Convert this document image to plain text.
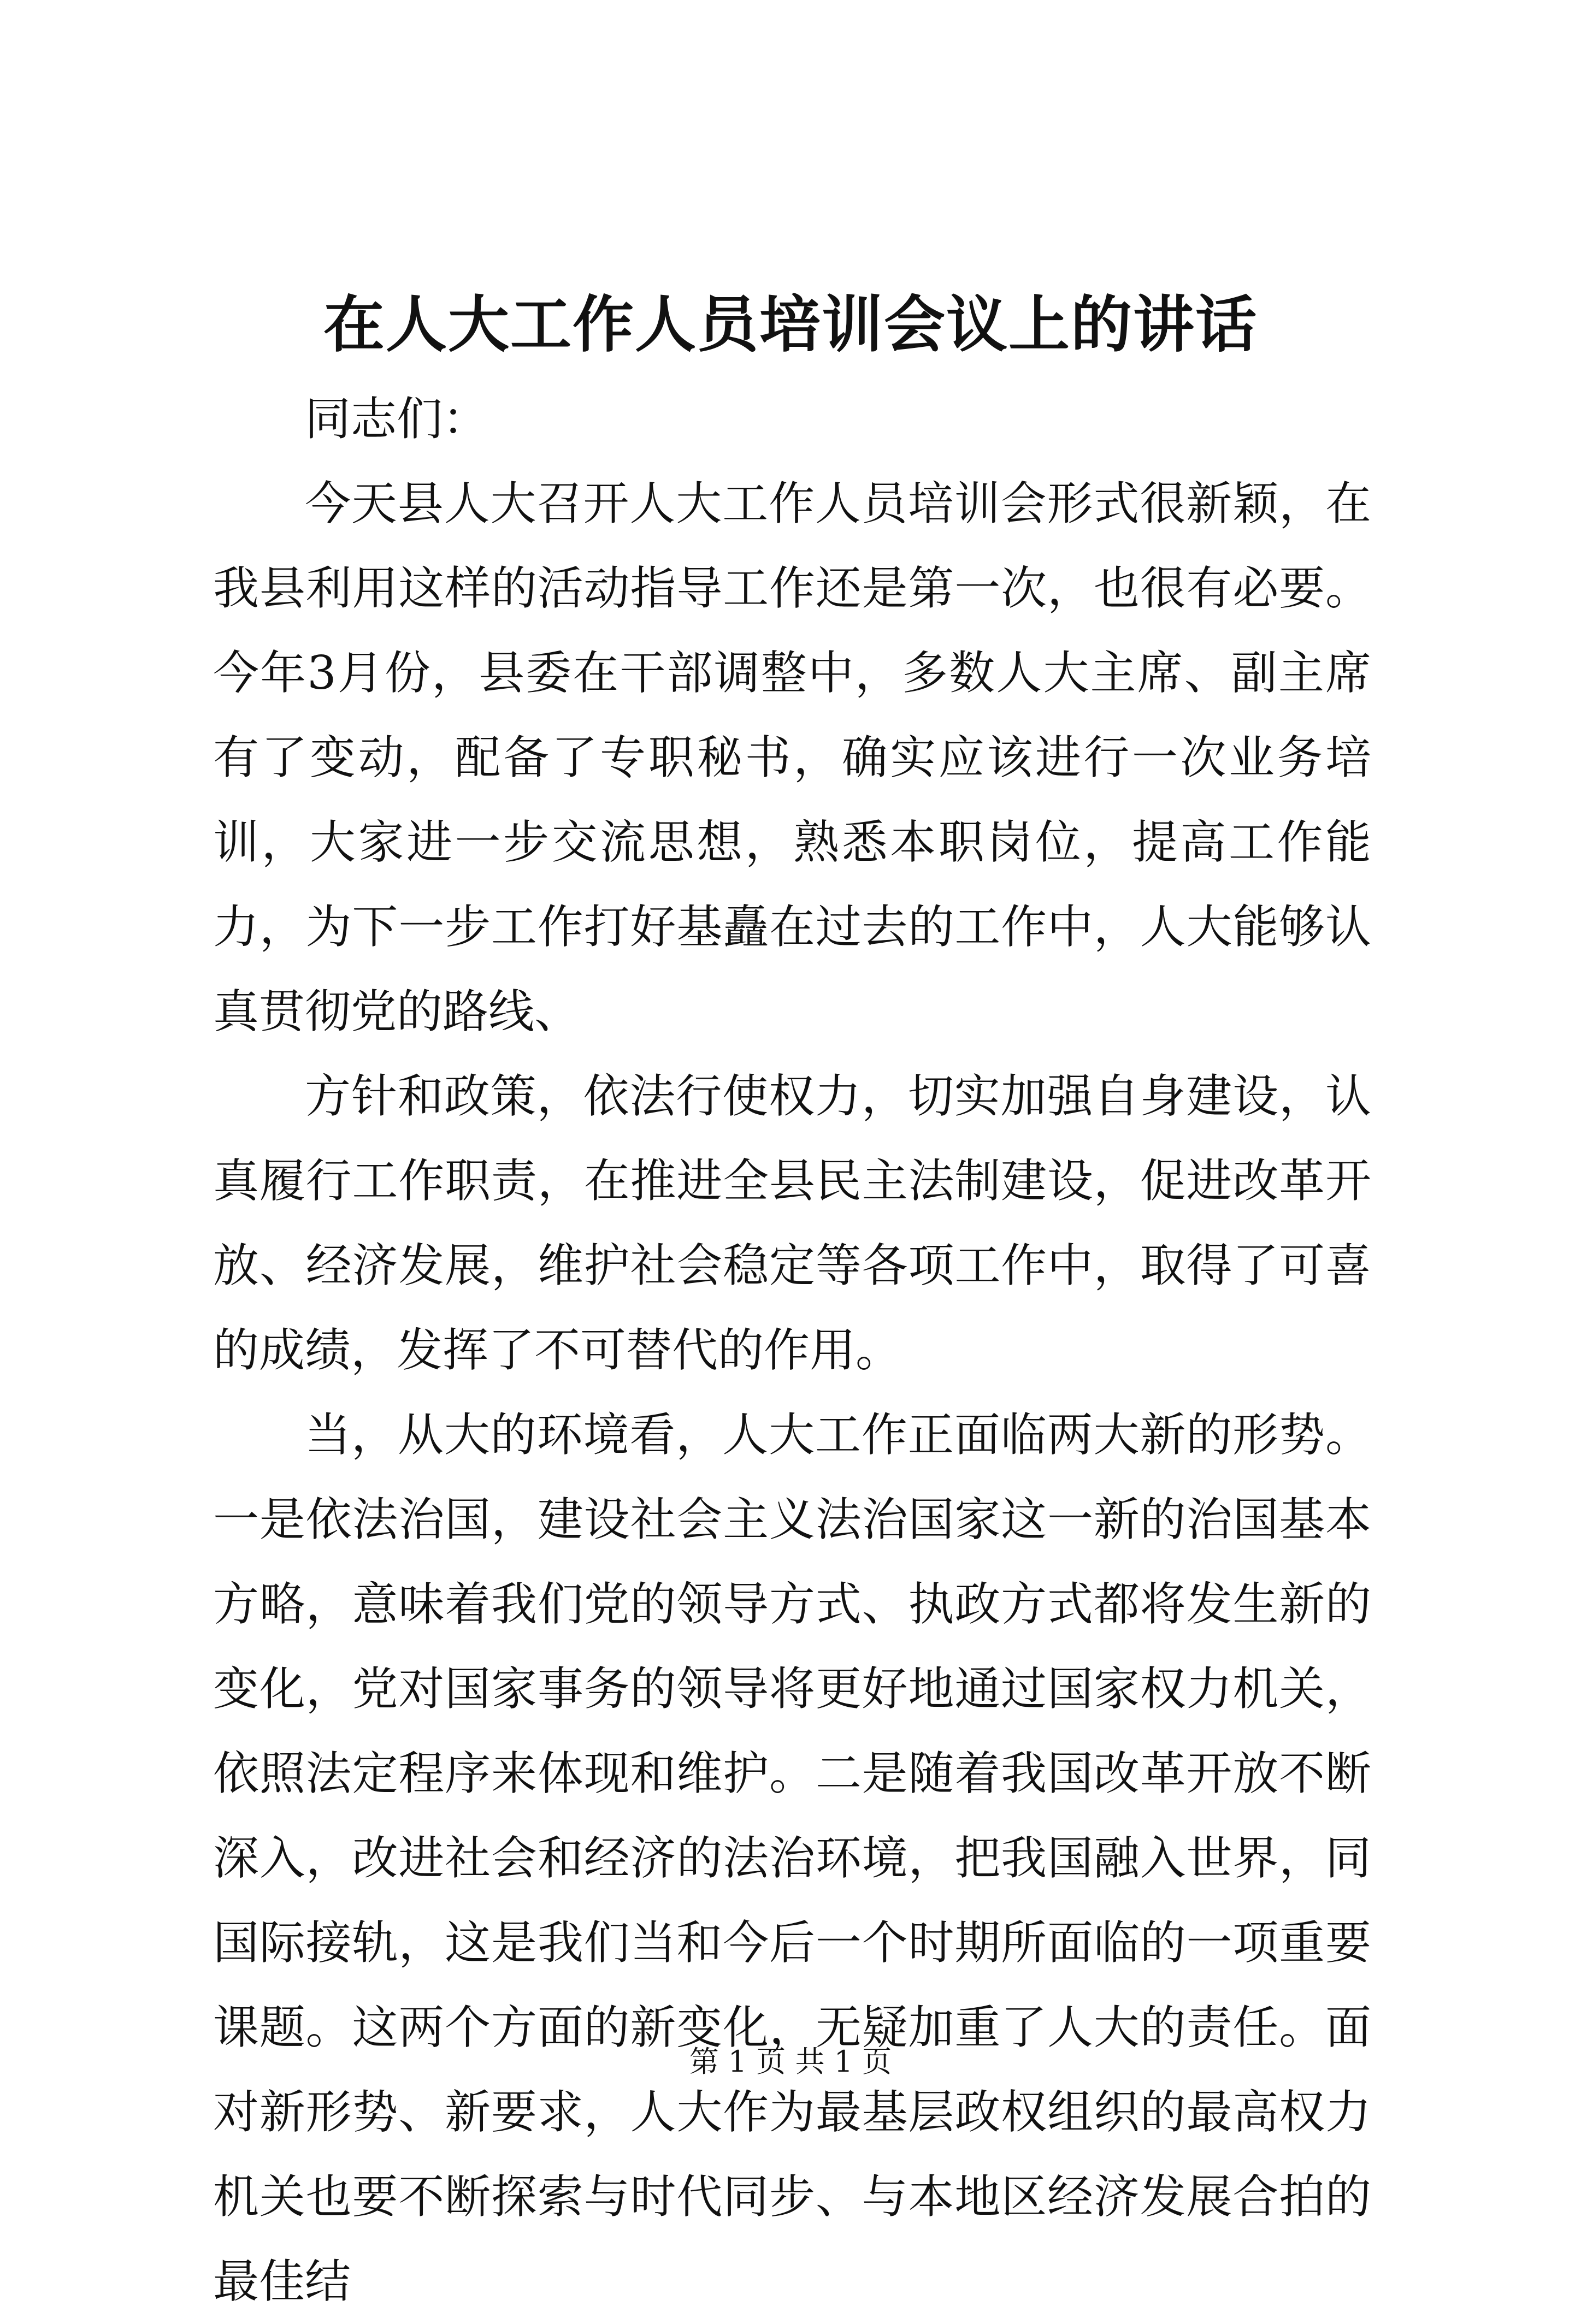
在人大工作人员培训会议上的讲话

同志们：

今天县人大召开人大工作人员培训会形式很新颖，在我县利用这样的活动指导工作还是第一次，也很有必要。今年3月份，县委在干部调整中，多数人大主席、副主席有了变动，配备了专职秘书，确实应该进行一次业务培训，大家进一步交流思想，熟悉本职岗位，提高工作能力，为下一步工作打好基矗在过去的工作中，人大能够认真贯彻党的路线、

方针和政策，依法行使权力，切实加强自身建设，认真履行工作职责，在推进全县民主法制建设，促进改革开放、经济发展，维护社会稳定等各项工作中，取得了可喜的成绩，发挥了不可替代的作用。

当，从大的环境看，人大工作正面临两大新的形势。一是依法治国，建设社会主义法治国家这一新的治国基本方略，意味着我们党的领导方式、执政方式都将发生新的变化，党对国家事务的领导将更好地通过国家权力机关，依照法定程序来体现和维护。二是随着我国改革开放不断深入，改进社会和经济的法治环境，把我国融入世界，同国际接轨，这是我们当和今后一个时期所面临的一项重要课题。这两个方面的新变化，无疑加重了人大的责任。面对新形势、新要求，人大作为最基层政权组织的最高权力机关也要不断探索与时代同步、与本地区经济发展合拍的最佳结

第 1 页 共 1 页
